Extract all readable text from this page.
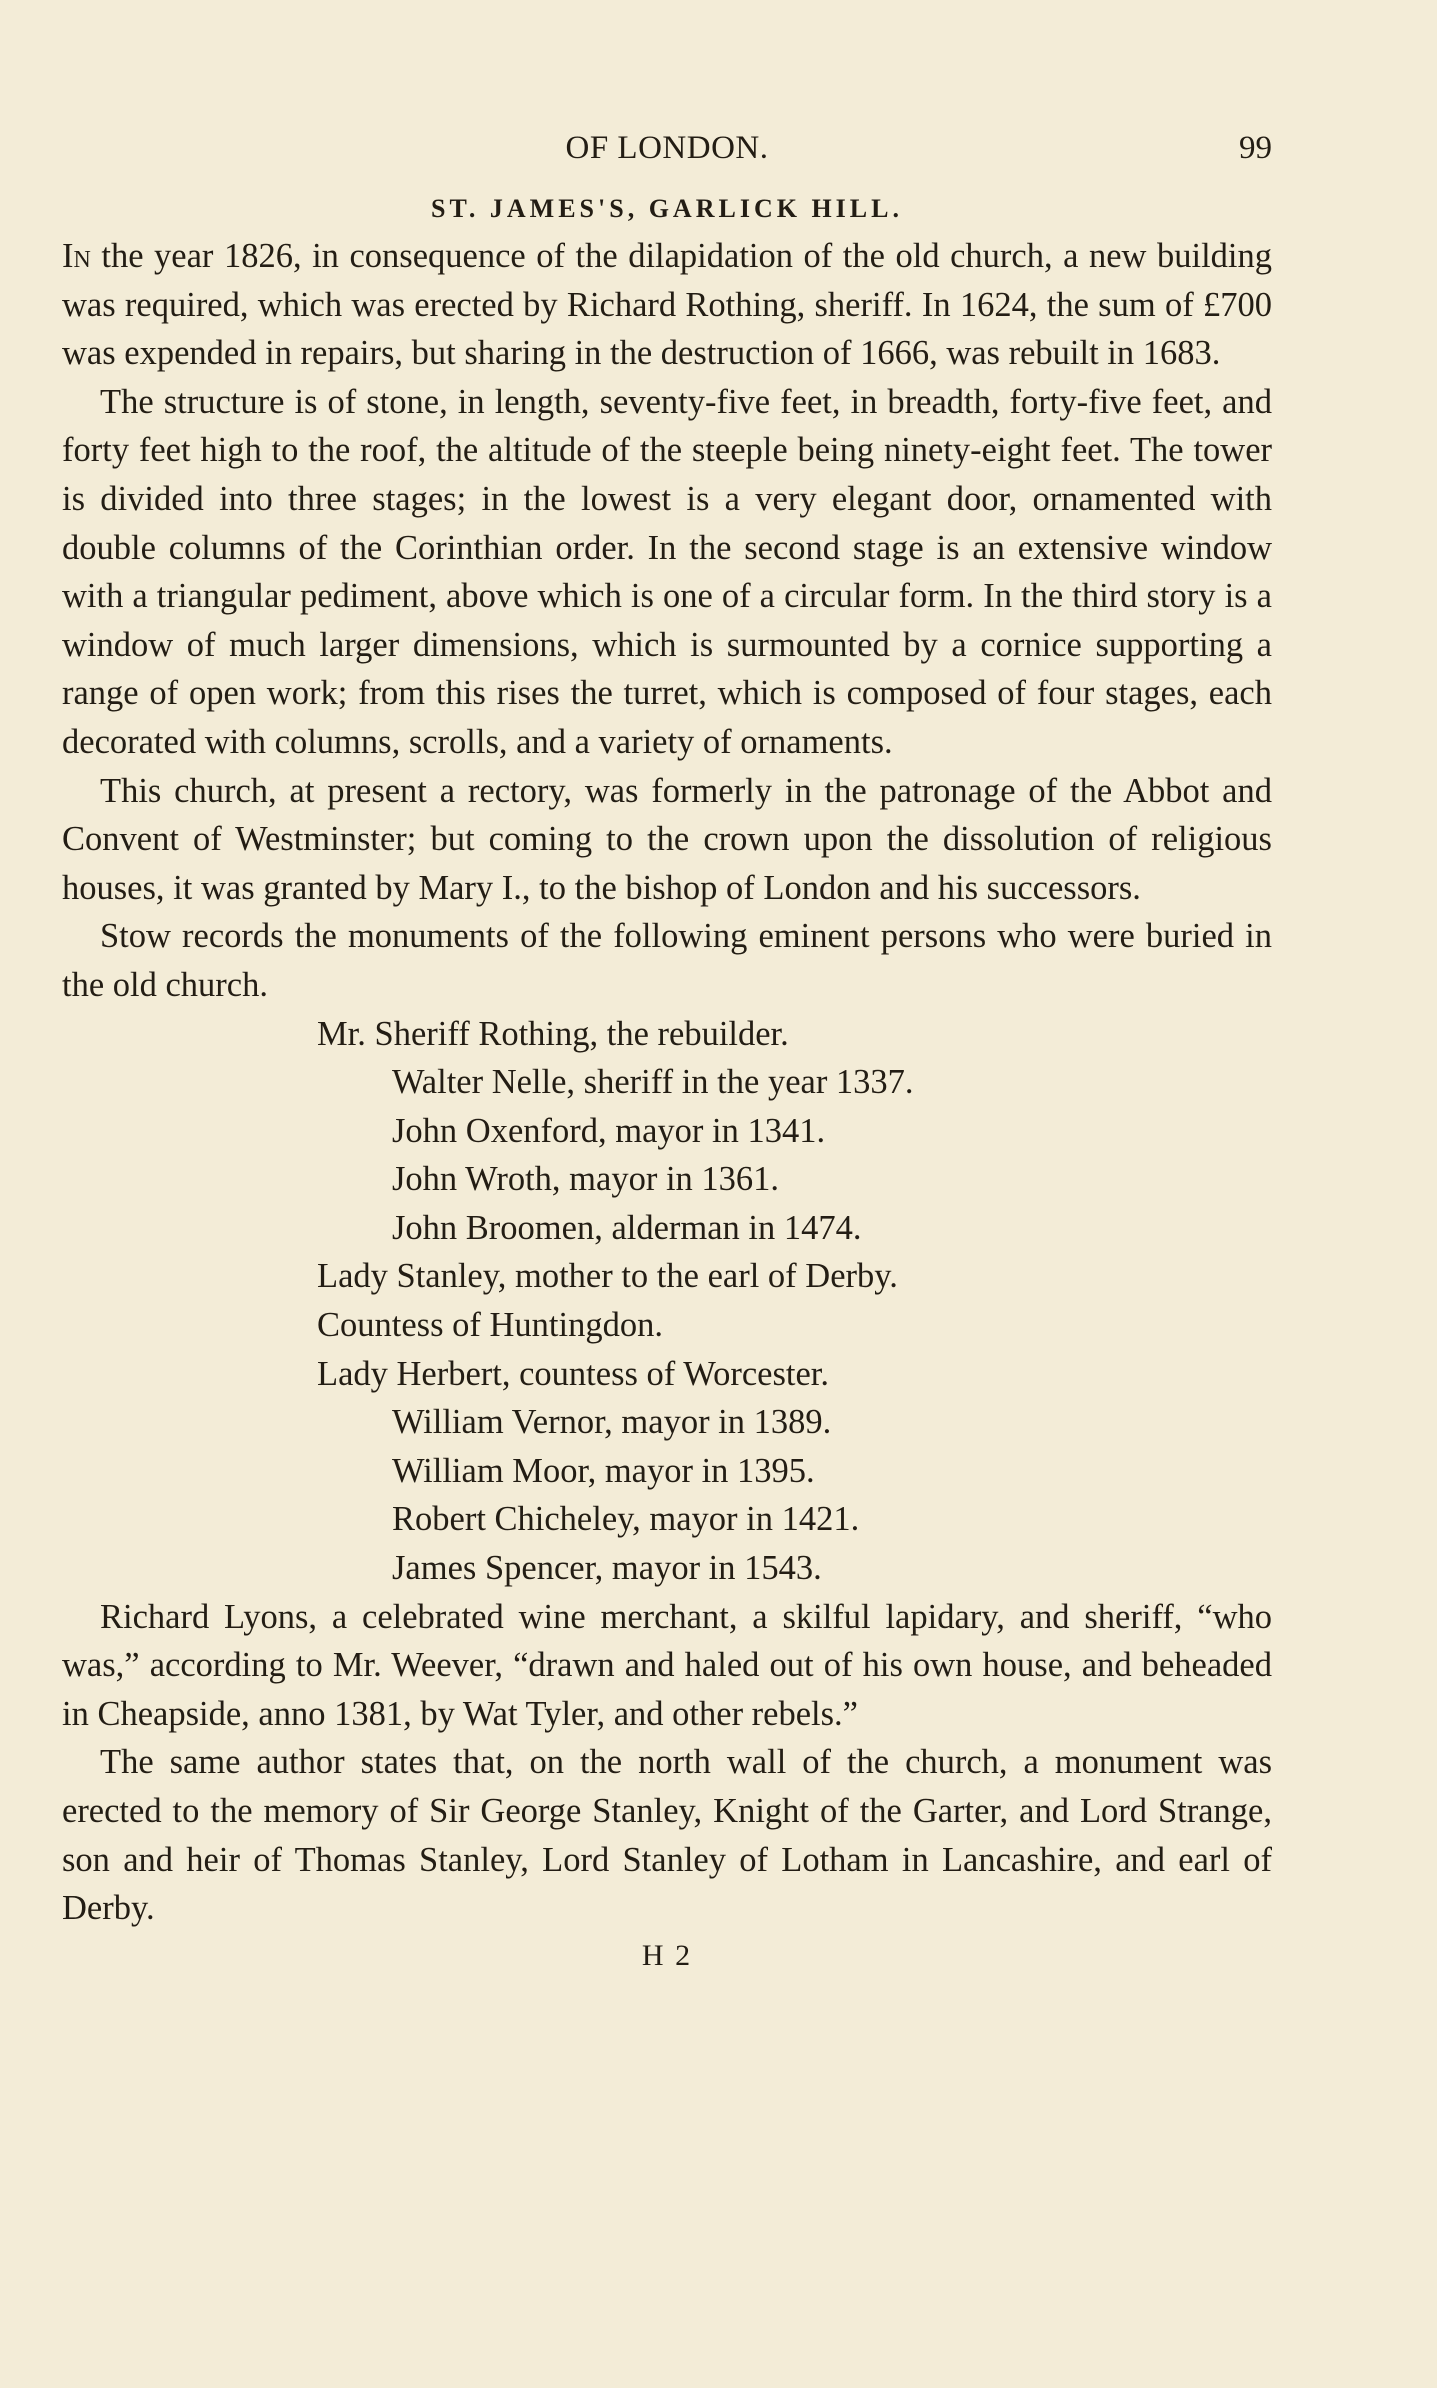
OF LONDON.	99
ST. JAMES'S, GARLICK HILL.

In the year 1826, in consequence of the dilapidation of the old church, a new building was required, which was erected by Richard Rothing, sheriff. In 1624, the sum of £700 was expended in repairs, but sharing in the destruction of 1666, was rebuilt in 1683.

The structure is of stone, in length, seventy-five feet, in breadth, forty-five feet, and forty feet high to the roof, the altitude of the steeple being ninety-eight feet. The tower is divided into three stages; in the lowest is a very elegant door, ornamented with double columns of the Corinthian order. In the second stage is an extensive window with a triangular pediment, above which is one of a circular form. In the third story is a window of much larger dimensions, which is surmounted by a cornice supporting a range of open work; from this rises the turret, which is composed of four stages, each decorated with columns, scrolls, and a variety of ornaments.

This church, at present a rectory, was formerly in the patronage of the Abbot and Convent of Westminster; but coming to the crown upon the dissolution of religious houses, it was granted by Mary I., to the bishop of London and his successors.

Stow records the monuments of the following eminent persons who were buried in the old church.

Mr. Sheriff Rothing, the rebuilder.
Walter Nelle, sheriff in the year 1337.
John Oxenford, mayor in 1341.
John Wroth, mayor in 1361.
John Broomen, alderman in 1474.
Lady Stanley, mother to the earl of Derby.
Countess of Huntingdon.
Lady Herbert, countess of Worcester.
William Vernor, mayor in 1389.
William Moor, mayor in 1395.
Robert Chicheley, mayor in 1421.
James Spencer, mayor in 1543.

Richard Lyons, a celebrated wine merchant, a skilful lapidary, and sheriff, “who was,” according to Mr. Weever, “drawn and haled out of his own house, and beheaded in Cheapside, anno 1381, by Wat Tyler, and other rebels.”

The same author states that, on the north wall of the church, a monument was erected to the memory of Sir George Stanley, Knight of the Garter, and Lord Strange, son and heir of Thomas Stanley, Lord Stanley of Lotham in Lancashire, and earl of Derby.

H 2
